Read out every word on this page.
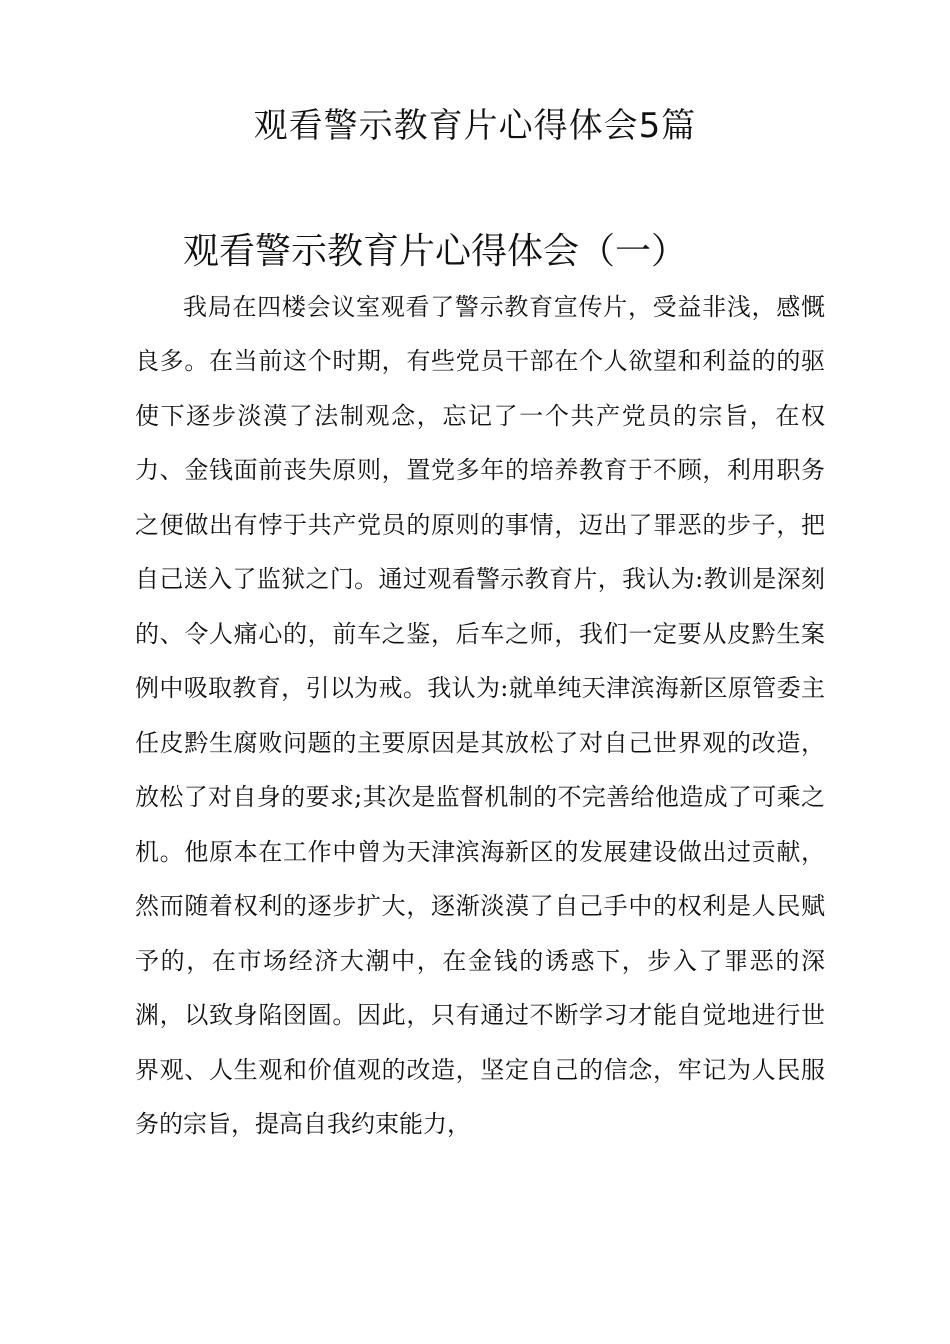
观看警示教育片心得体会5篇
观看警示教育片心得体会（一）

我局在四楼会议室观看了警示教育宣传片，受益非浅，感慨良多。在当前这个时期，有些党员干部在个人欲望和利益的的驱使下逐步淡漠了法制观念，忘记了一个共产党员的宗旨，在权力、金钱面前丧失原则，置党多年的培养教育于不顾，利用职务之便做出有悖于共产党员的原则的事情，迈出了罪恶的步子，把自己送入了监狱之门。通过观看警示教育片，我认为:教训是深刻的、令人痛心的，前车之鉴，后车之师，我们一定要从皮黔生案例中吸取教育，引以为戒。我认为:就单纯天津滨海新区原管委主任皮黔生腐败问题的主要原因是其放松了对自己世界观的改造，放松了对自身的要求;其次是监督机制的不完善给他造成了可乘之机。他原本在工作中曾为天津滨海新区的发展建设做出过贡献，然而随着权利的逐步扩大，逐渐淡漠了自己手中的权利是人民赋予的，在市场经济大潮中，在金钱的诱惑下，步入了罪恶的深渊，以致身陷囹圄。因此，只有通过不断学习才能自觉地进行世界观、人生观和价值观的改造，坚定自己的信念，牢记为人民服务的宗旨，提高自我约束能力，
